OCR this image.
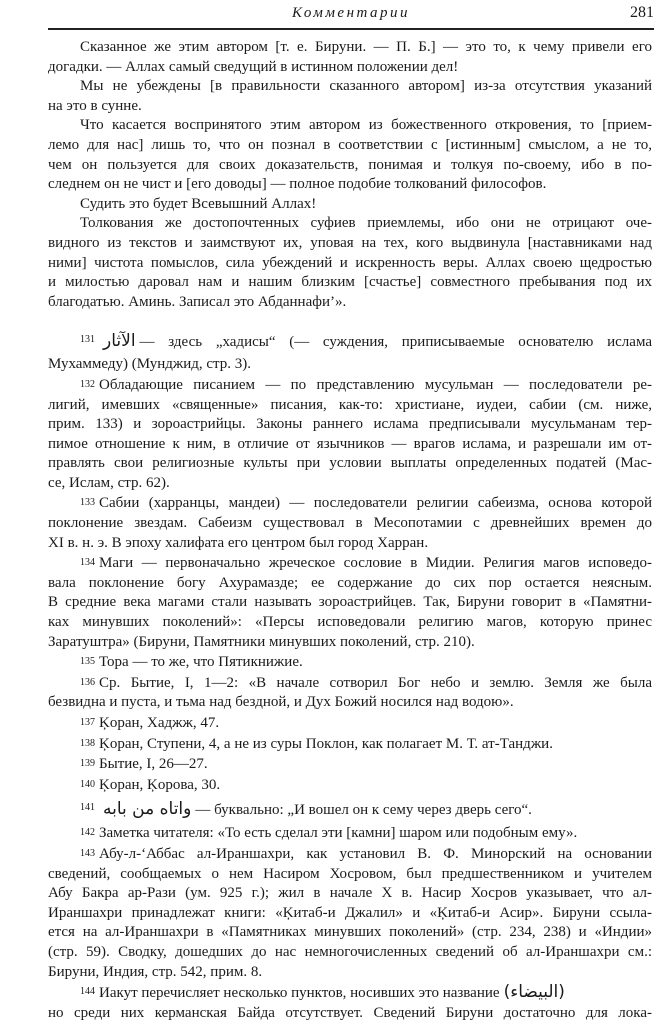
Комментарии	281
Сказанное же этим автором [т. е. Бируни. — П. Б.] — это то, к чему привели его
догадки. — Аллах самый сведущий в истинном положении дел!
Мы не убеждены [в правильности сказанного автором] из-за отсутствия указаний
на это в сунне.
Что касается воспринятого этим автором из божественного откровения, то [прием-
лемо для нас] лишь то, что он познал в соответствии с [истинным] смыслом, а не то,
чем он пользуется для своих доказательств, понимая и толкуя по-своему, ибо в по-
следнем он не чист и [его доводы] — полное подобие толкований философов.
Судить это будет Всевышний Аллах!
Толкования же достопочтенных суфиев приемлемы, ибо они не отрицают оче-
видного из текстов и заимствуют их, уповая на тех, кого выдвинула [наставниками над
ними] чистота помыслов, сила убеждений и искренность веры. Аллах своею щедростью
и милостью даровал нам и нашим близким [счастье] совместного пребывания под их
благодатью. Аминь. Записал это Абданнафи’».
$^{131}$ الآثار — здесь „хадисы“ (— суждения, приписываемые основателю ислама
Мухаммеду) (Мунджид, стр. 3).
$^{132}$ Обладающие писанием — по представлению мусульман — последователи ре-
лигий, имевших «священные» писания, как-то: христиане, иудеи, сабии (см. ниже,
прим. 133) и зороастрийцы. Законы раннего ислама предписывали мусульманам тер-
пимое отношение к ним, в отличие от язычников — врагов ислама, и разрешали им от-
правлять свои религиозные культы при условии выплаты определенных податей (Мас-
се, Ислам, стр. 62).
$^{133}$ Сабии (харранцы, мандеи) — последователи религии сабеизма, основа которой
поклонение звездам. Сабеизм существовал в Месопотамии с древнейших времен до
XI в. н. э. В эпоху халифата его центром был город Харран.
$^{134}$ Маги — первоначально жреческое сословие в Мидии. Религия магов исповедо-
вала поклонение богу Ахурамазде; ее содержание до сих пор остается неясным.
В средние века магами стали называть зороастрийцев. Так, Бируни говорит в «Памятни-
ках минувших поколений»: «Персы исповедовали религию магов, которую принес
Заратуштра» (Бируни, Памятники минувших поколений, стр. 210).
$^{135}$ Тора — то же, что Пятикнижие.
$^{136}$ Ср. Бытие, I, 1—2: «В начале сотворил Бог небо и землю. Земля же была
безвидна и пуста, и тьма над бездной, и Дух Божий носился над водою».
$^{137}$ Ķоран, Хаджж, 47.
$^{138}$ Ķоран, Ступени, 4, а не из суры Поклон, как полагает М. Т. ат-Танджи.
$^{139}$ Бытие, I, 26—27.
$^{140}$ Ķоран, Ķорова, 30.
$^{141}$ واتاه من بابه — буквально: „И вошел он к сему через дверь сего“.
$^{142}$ Заметка читателя: «То есть сделал эти [камни] шаром или подобным ему».
$^{143}$ Абу-л-‘Аббас ал-Ираншахри, как установил В. Ф. Минорский на основании
сведений, сообщаемых о нем Насиром Хосровом, был предшественником и учителем
Абу Бакра ар-Рази (ум. 925 г.); жил в начале X в. Насир Хосров указывает, что ал-
Ираншахри принадлежат книги: «Ķитаб-и Джалил» и «Ķитаб-и Асир». Бируни ссыла-
ется на ал-Ираншахри в «Памятниках минувших поколений» (стр. 234, 238) и «Индии»
(стр. 59). Сводку, дошедших до нас немногочисленных сведений об ал-Ираншахри см.:
Бируни, Индия, стр. 542, прим. 8.
$^{144}$ Иакут перечисляет несколько пунктов, носивших это название (البيضاء)
но среди них керманская Байда отсутствует. Сведений Бируни достаточно для лока-
